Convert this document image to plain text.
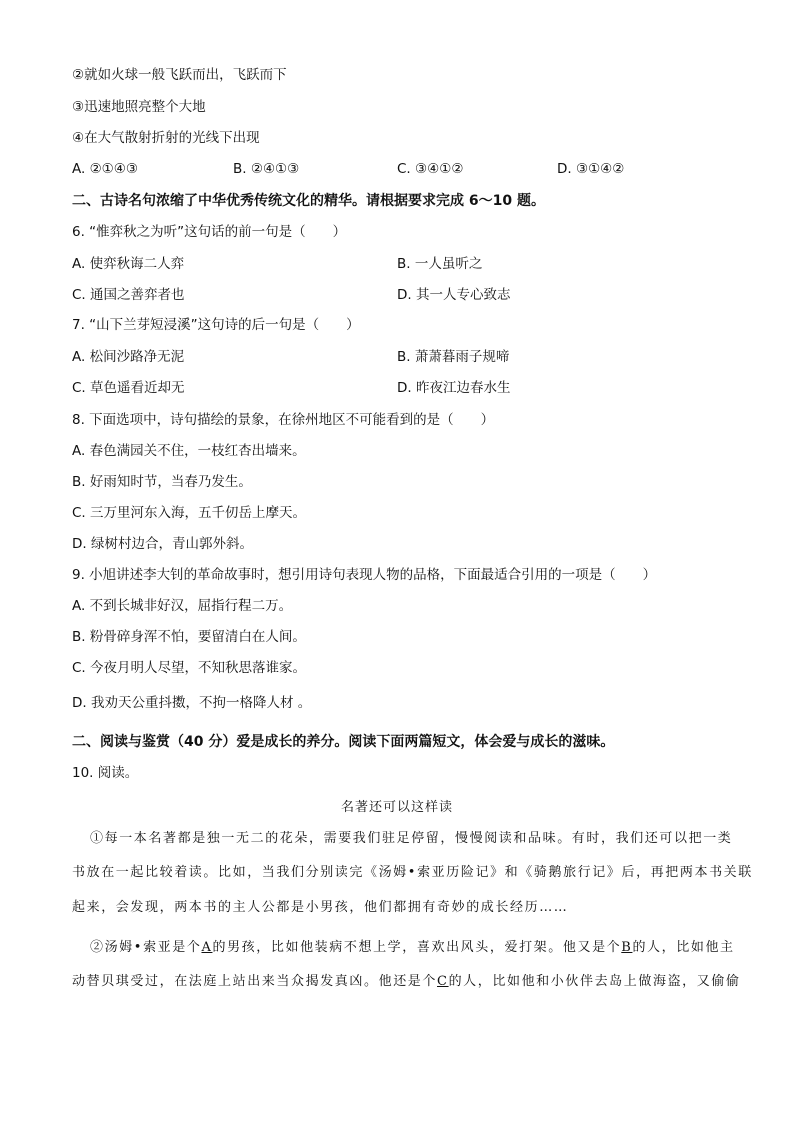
②就如火球一般飞跃而出，飞跃而下
③迅速地照亮整个大地
④在大气散射折射的光线下出现
A. ②①④③	B. ②④①③	C. ③④①②	D. ③①④②
二、古诗名句浓缩了中华优秀传统文化的精华。请根据要求完成 6～10 题。
6. “惟弈秋之为听”这句话的前一句是（　　）
A. 使弈秋诲二人弈	B. 一人虽听之
C. 通国之善弈者也	D. 其一人专心致志
7. “山下兰芽短浸溪”这句诗的后一句是（　　）
A. 松间沙路净无泥	B. 萧萧暮雨子规啼
C. 草色遥看近却无	D. 昨夜江边春水生
8. 下面选项中，诗句描绘的景象，在徐州地区不可能看到的是（　　）
A. 春色满园关不住，一枝红杏出墙来。
B. 好雨知时节，当春乃发生。
C. 三万里河东入海，五千仞岳上摩天。
D. 绿树村边合，青山郭外斜。
9. 小旭讲述李大钊的革命故事时，想引用诗句表现人物的品格，下面最适合引用的一项是（　　）
A. 不到长城非好汉，屈指行程二万。
B. 粉骨碎身浑不怕，要留清白在人间。
C. 今夜月明人尽望，不知秋思落谁家。
D. 我劝天公重抖擞，不拘一格降人材 。
二、阅读与鉴赏（40 分）爱是成长的养分。阅读下面两篇短文，体会爱与成长的滋味。
10. 阅读。
名著还可以这样读
①每一本名著都是独一无二的花朵，需要我们驻足停留，慢慢阅读和品味。有时，我们还可以把一类
书放在一起比较着读。比如，当我们分别读完《汤姆•索亚历险记》和《骑鹅旅行记》后，再把两本书关联
起来，会发现，两本书的主人公都是小男孩，他们都拥有奇妙的成长经历……
②汤姆•索亚是个A的男孩，比如他装病不想上学，喜欢出风头，爱打架。他又是个B的人，比如他主
动替贝琪受过，在法庭上站出来当众揭发真凶。他还是个C的人，比如他和小伙伴去岛上做海盗，又偷偷
